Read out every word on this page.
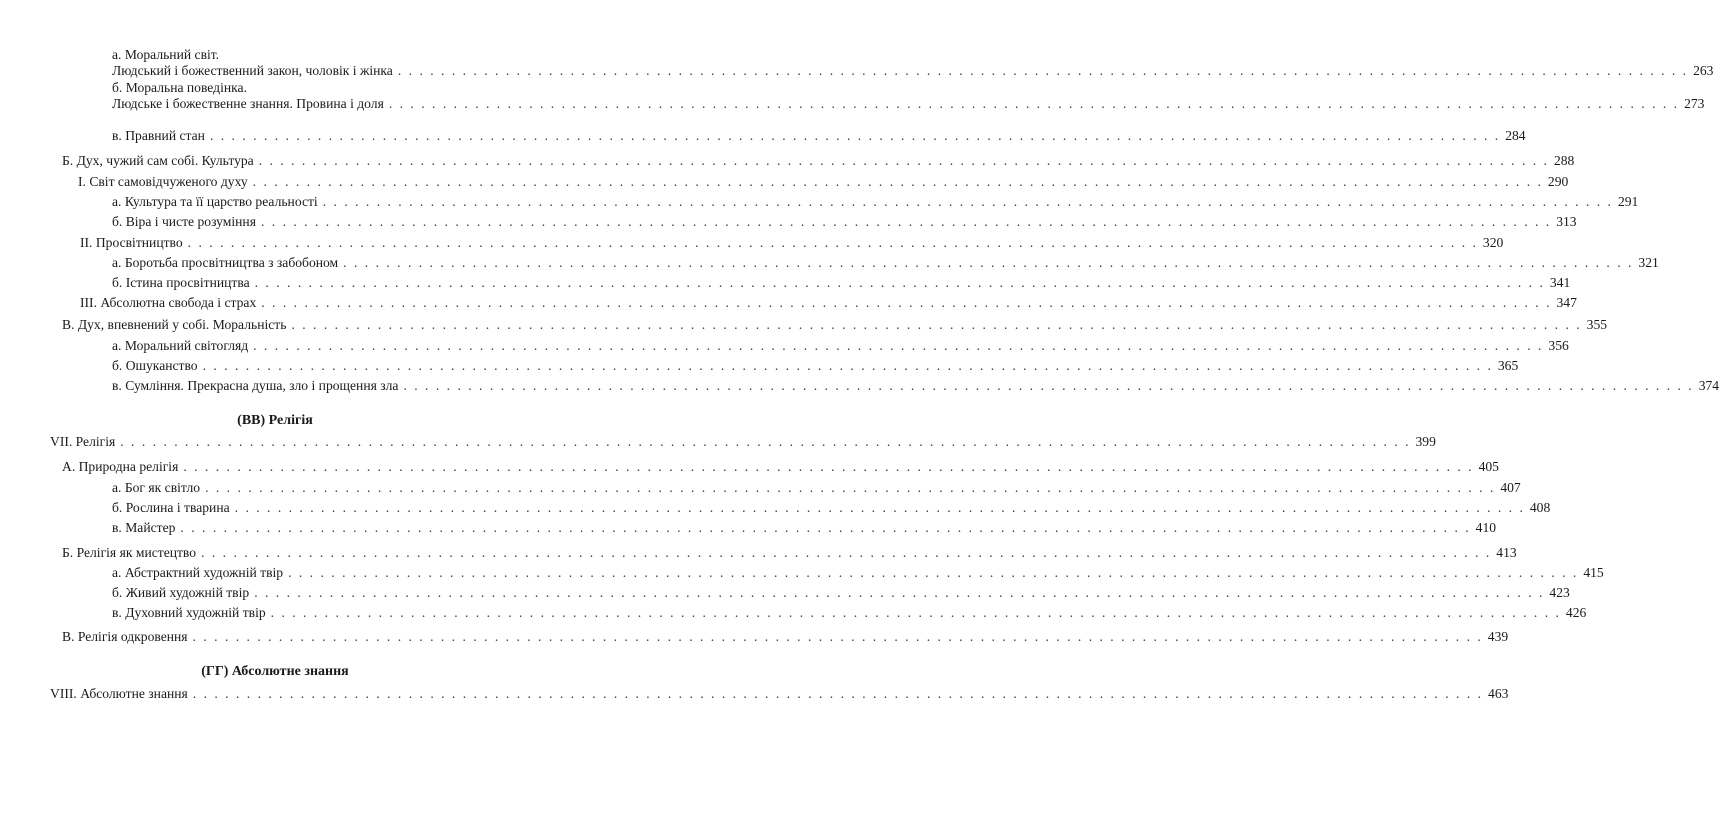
а. Моральний світ.
Людський і божественний закон, чоловік і жінка . . . . . . . . . . . . . . . . . . . . . . . . . . . . . . . . . . . . . . . . . . . . . . . . . . . . . . . . . . . . . . . . . . . . . . . . . . . . . . . . . . . . . . . . . . . . . . . . . . . . . . . . . . . . . . . . . . . . . . . . 263
б. Моральна поведінка.
Людське і божественне знання. Провина і доля . . . . . . . . . . . . . . . . . . . . . . . . . . . . . . . . . . . . . . . . . . . . . . . . . . . . . . . . . . . . . . . . . . . . . . . . . . . . . . . . . . . . . . . . . . . . . . . . . . . . . . . . . . . . . . . . . . . . . . . . 273
в. Правний стан . . . . . . . . . . . . . . . . . . . . . . . . . . . . . . . . . . . . . . . . . . . . . . . . . . . . . . . . . . . . . . . . . . . . . . . . . . . . . . . . . . . . . . . . . . . . . . . . . . . . . . . . . . . . . . . . . . . . . . . . 284
Б. Дух, чужий сам собі. Культура . . . . . . . . . . . . . . . . . . . . . . . . . . . . . . . . . . . . . . . . . . . . . . . . . . . . . . . . . . . . . . . . . . . . . . . . . . . . . . . . . . . . . . . . . . . . . . . . . . . . . . . . . . . . . . . . . . . . . . . . 288
I. Світ самовідчуженого духу . . . . . . . . . . . . . . . . . . . . . . . . . . . . . . . . . . . . . . . . . . . . . . . . . . . . . . . . . . . . . . . . . . . . . . . . . . . . . . . . . . . . . . . . . . . . . . . . . . . . . . . . . . . . . . . . . . . . . . . . 290
а. Культура та її царство реальності . . . . . . . . . . . . . . . . . . . . . . . . . . . . . . . . . . . . . . . . . . . . . . . . . . . . . . . . . . . . . . . . . . . . . . . . . . . . . . . . . . . . . . . . . . . . . . . . . . . . . . . . . . . . . . . . . . . . . . . . 291
б. Віра і чисте розуміння . . . . . . . . . . . . . . . . . . . . . . . . . . . . . . . . . . . . . . . . . . . . . . . . . . . . . . . . . . . . . . . . . . . . . . . . . . . . . . . . . . . . . . . . . . . . . . . . . . . . . . . . . . . . . . . . . . . . . . . . 313
II. Просвітництво . . . . . . . . . . . . . . . . . . . . . . . . . . . . . . . . . . . . . . . . . . . . . . . . . . . . . . . . . . . . . . . . . . . . . . . . . . . . . . . . . . . . . . . . . . . . . . . . . . . . . . . . . . . . . . . . . . . . . . . . 320
а. Боротьба просвітництва з забобоном . . . . . . . . . . . . . . . . . . . . . . . . . . . . . . . . . . . . . . . . . . . . . . . . . . . . . . . . . . . . . . . . . . . . . . . . . . . . . . . . . . . . . . . . . . . . . . . . . . . . . . . . . . . . . . . . . . . . . . . . 321
б. Істина просвітництва . . . . . . . . . . . . . . . . . . . . . . . . . . . . . . . . . . . . . . . . . . . . . . . . . . . . . . . . . . . . . . . . . . . . . . . . . . . . . . . . . . . . . . . . . . . . . . . . . . . . . . . . . . . . . . . . . . . . . . . . 341
III. Абсолютна свобода і страх . . . . . . . . . . . . . . . . . . . . . . . . . . . . . . . . . . . . . . . . . . . . . . . . . . . . . . . . . . . . . . . . . . . . . . . . . . . . . . . . . . . . . . . . . . . . . . . . . . . . . . . . . . . . . . . . . . . . . . . . 347
В. Дух, впевнений у собі. Моральність . . . . . . . . . . . . . . . . . . . . . . . . . . . . . . . . . . . . . . . . . . . . . . . . . . . . . . . . . . . . . . . . . . . . . . . . . . . . . . . . . . . . . . . . . . . . . . . . . . . . . . . . . . . . . . . . . . . . . . . . 355
а. Моральний світогляд . . . . . . . . . . . . . . . . . . . . . . . . . . . . . . . . . . . . . . . . . . . . . . . . . . . . . . . . . . . . . . . . . . . . . . . . . . . . . . . . . . . . . . . . . . . . . . . . . . . . . . . . . . . . . . . . . . . . . . . . 356
б. Ошуканство . . . . . . . . . . . . . . . . . . . . . . . . . . . . . . . . . . . . . . . . . . . . . . . . . . . . . . . . . . . . . . . . . . . . . . . . . . . . . . . . . . . . . . . . . . . . . . . . . . . . . . . . . . . . . . . . . . . . . . . . 365
в. Сумління. Прекрасна душа, зло і прощення зла . . . . . . . . . . . . . . . . . . . . . . . . . . . . . . . . . . . . . . . . . . . . . . . . . . . . . . . . . . . . . . . . . . . . . . . . . . . . . . . . . . . . . . . . . . . . . . . . . . . . . . . . . . . . . . . . . . . . . . . . 374
(ВВ) Релігія
VII. Релігія . . . . . . . . . . . . . . . . . . . . . . . . . . . . . . . . . . . . . . . . . . . . . . . . . . . . . . . . . . . . . . . . . . . . . . . . . . . . . . . . . . . . . . . . . . . . . . . . . . . . . . . . . . . . . . . . . . . . . . . . 399
А. Природна релігія . . . . . . . . . . . . . . . . . . . . . . . . . . . . . . . . . . . . . . . . . . . . . . . . . . . . . . . . . . . . . . . . . . . . . . . . . . . . . . . . . . . . . . . . . . . . . . . . . . . . . . . . . . . . . . . . . . . . . . . . 405
а. Бог як світло . . . . . . . . . . . . . . . . . . . . . . . . . . . . . . . . . . . . . . . . . . . . . . . . . . . . . . . . . . . . . . . . . . . . . . . . . . . . . . . . . . . . . . . . . . . . . . . . . . . . . . . . . . . . . . . . . . . . . . . . 407
б. Рослина і тварина . . . . . . . . . . . . . . . . . . . . . . . . . . . . . . . . . . . . . . . . . . . . . . . . . . . . . . . . . . . . . . . . . . . . . . . . . . . . . . . . . . . . . . . . . . . . . . . . . . . . . . . . . . . . . . . . . . . . . . . . 408
в. Майстер . . . . . . . . . . . . . . . . . . . . . . . . . . . . . . . . . . . . . . . . . . . . . . . . . . . . . . . . . . . . . . . . . . . . . . . . . . . . . . . . . . . . . . . . . . . . . . . . . . . . . . . . . . . . . . . . . . . . . . . . 410
Б. Релігія як мистецтво . . . . . . . . . . . . . . . . . . . . . . . . . . . . . . . . . . . . . . . . . . . . . . . . . . . . . . . . . . . . . . . . . . . . . . . . . . . . . . . . . . . . . . . . . . . . . . . . . . . . . . . . . . . . . . . . . . . . . . . . 413
а. Абстрактний художній твір . . . . . . . . . . . . . . . . . . . . . . . . . . . . . . . . . . . . . . . . . . . . . . . . . . . . . . . . . . . . . . . . . . . . . . . . . . . . . . . . . . . . . . . . . . . . . . . . . . . . . . . . . . . . . . . . . . . . . . . . 415
б. Живий художній твір . . . . . . . . . . . . . . . . . . . . . . . . . . . . . . . . . . . . . . . . . . . . . . . . . . . . . . . . . . . . . . . . . . . . . . . . . . . . . . . . . . . . . . . . . . . . . . . . . . . . . . . . . . . . . . . . . . . . . . . . 423
в. Духовний художній твір . . . . . . . . . . . . . . . . . . . . . . . . . . . . . . . . . . . . . . . . . . . . . . . . . . . . . . . . . . . . . . . . . . . . . . . . . . . . . . . . . . . . . . . . . . . . . . . . . . . . . . . . . . . . . . . . . . . . . . . . 426
В. Релігія одкровення . . . . . . . . . . . . . . . . . . . . . . . . . . . . . . . . . . . . . . . . . . . . . . . . . . . . . . . . . . . . . . . . . . . . . . . . . . . . . . . . . . . . . . . . . . . . . . . . . . . . . . . . . . . . . . . . . . . . . . . . 439
(ГГ) Абсолютне знання
VIII. Абсолютне знання . . . . . . . . . . . . . . . . . . . . . . . . . . . . . . . . . . . . . . . . . . . . . . . . . . . . . . . . . . . . . . . . . . . . . . . . . . . . . . . . . . . . . . . . . . . . . . . . . . . . . . . . . . . . . . . . . . . . . . . . 463
